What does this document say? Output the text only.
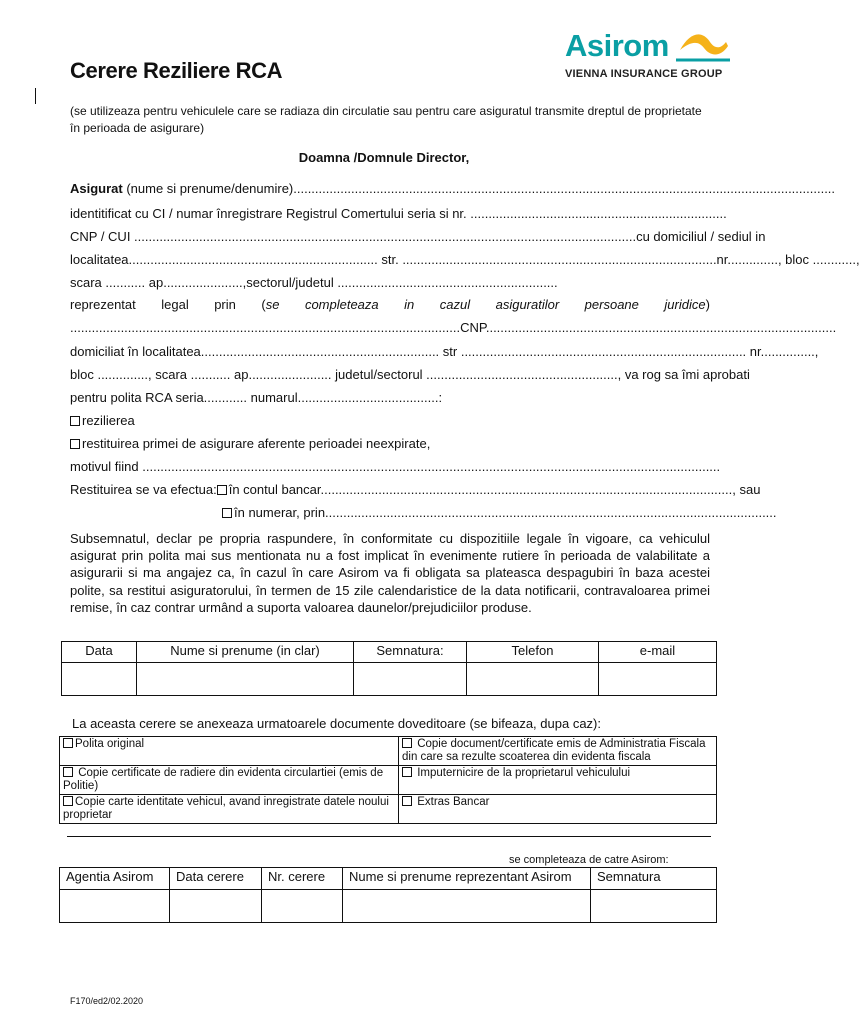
Cerere Reziliere RCA
Asirom
VIENNA INSURANCE GROUP
(se utilizeaza pentru vehiculele care se radiaza din circulatie sau pentru care asiguratul transmite dreptul de proprietate în perioada de asigurare)
Doamna /Domnule Director,
Asigurat (nume si prenume/denumire)......................................................................................................................................................
identitificat cu CI / numar înregistrare Registrul Comertului seria si nr. .......................................................................
CNP / CUI ........................................................................................................................................... cu domiciliul / sediul in
localitatea..................................................................... str. .......................................................................................nr.............., bloc ............,
scara ........... ap......................,sectorul/judetul .............................................................
reprezentat legal prin (se completeaza in cazul asiguratilor persoane juridice)
............................................................................................................CNP.................................................................................................
domiciliat în localitatea.................................................................. str ............................................................................... nr...............,
bloc .............., scara ........... ap....................... judetul/sectorul ....................................................., va rog sa îmi aprobati
pentru polita RCA seria............ numarul.......................................:
rezilierea
restituirea primei de asigurare aferente perioadei neexpirate,
motivul fiind ................................................................................................................................................................
Restituirea se va efectua: în contul bancar.................................................................................................................., sau
în numerar, prin.............................................................................................................................
Subsemnatul, declar pe propria raspundere, în conformitate cu dispozitiile legale în vigoare, ca vehiculul asigurat prin polita mai sus mentionata nu a fost implicat în evenimente rutiere în perioada de valabilitate a asigurarii si ma angajez ca, în cazul în care Asirom va fi obligata sa plateasca despagubiri în baza acestei polite, sa restitui asiguratorului, în termen de 15 zile calendaristice de la data notificarii, contravaloarea primei remise, în caz contrar urmând a suporta valoarea daunelor/prejudiciilor produse.
Data	Nume si prenume (in clar)	Semnatura:	Telefon	e-mail

La aceasta cerere se anexeaza urmatoarele documente doveditoare (se bifeaza, dupa caz):
Polita original	Copie document/certificate emis de Administratia Fiscala din care sa rezulte scoaterea din evidenta fiscala
Copie certificate de radiere din evidenta circulartiei (emis de Politie)	Imputernicire de la proprietarul vehiculului
Copie carte identitate vehicul, avand inregistrate datele noului proprietar	Extras Bancar
se completeaza de catre Asirom:
Agentia Asirom	Data cerere	Nr. cerere	Nume si prenume reprezentant Asirom	Semnatura

F170/ed2/02.2020
